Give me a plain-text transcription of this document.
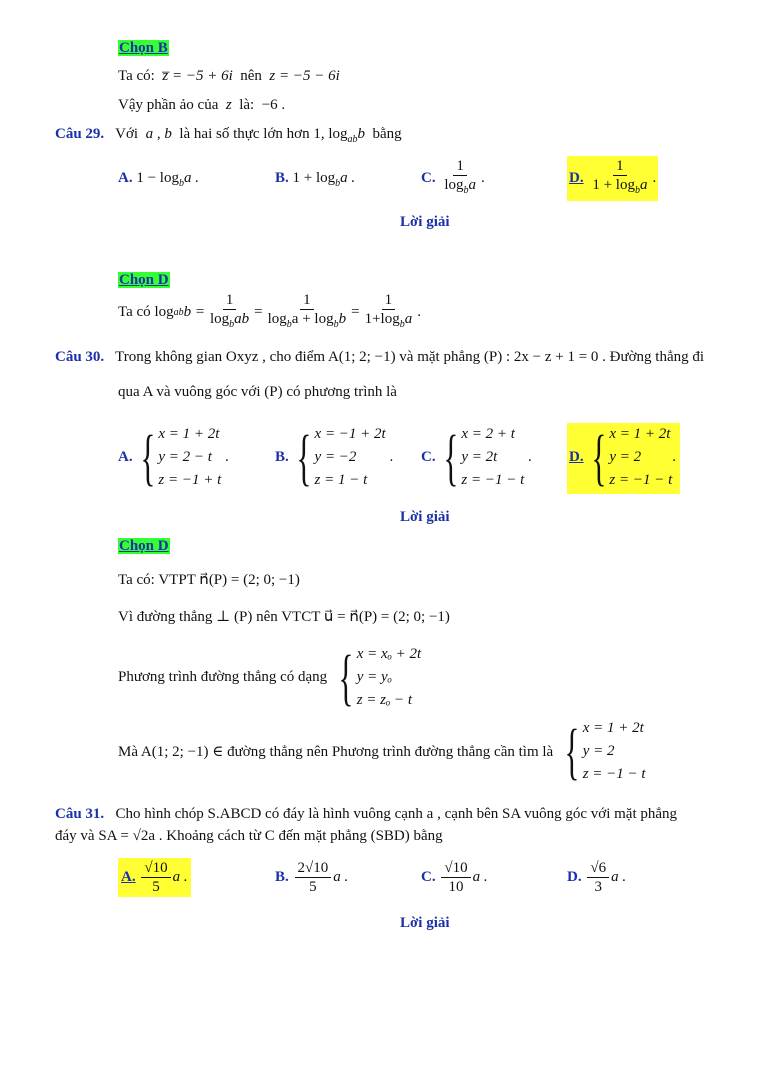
Chọn B
Ta có: z̅ = −5 + 6i nên z = −5 − 6i
Vậy phần ảo của z là: −6 .
Câu 29. Với a , b là hai số thực lớn hơn 1, $\log_{ab}b$ bằng
A. $1 - \log_ba$ .	B. $1 + \log_ba$ .	C. $\frac{1}{\log_ba}$ .	D. $\frac{1}{1 + \log_ba}$ .
Lời giải
Chọn D
Ta có
log ab $b = \frac{1}{\log_bab} = \frac{1}{\log_ba + \log_bb} = \frac{1}{1+\log_ba}$ .
Câu 30. Trong không gian Oxyz , cho điểm A(1; 2; −1) và mặt phẳng (P) : 2x − z + 1 = 0 . Đường thẳng đi
qua A và vuông góc với (P) có phương trình là
A. { x = 1 + 2t
y = 2 − t
z = −1 + t

.	B. { x = −1 + 2t
y = −2
z = 1 − t

. C. { x = 2 + t
y = 2t
z = −1 − t

. D. { x = 1 + 2t
y = 2
z = −1 − t
.
Lời giải
Chọn D
Ta có: VTPT n⃗(P) = (2; 0; −1)
Vì đường thẳng ⊥ (P) nên VTCT u⃗ = n⃗(P) = (2; 0; −1)
Phương trình đường thẳng có dạng
{ x = xₒ + 2t
y = yₒ
z = zₒ − t
Mà A(1; 2; −1) ∈ đường thẳng nên Phương trình đường thẳng cần tìm là
{ x = 1 + 2t
y = 2
z = −1 − t
Câu 31. Cho hình chóp S.ABCD có đáy là hình vuông cạnh a , cạnh bên SA vuông góc với mặt phẳng
đáy và SA = √2a . Khoảng cách từ C đến mặt phẳng (SBD) bằng
A. $\frac{√10}{5}$ a .	B. $\frac{2√10}{5}$ a .	C. $\frac{√10}{10}$ a .	D. $\frac{√6}{3}$ a .
Lời giải
